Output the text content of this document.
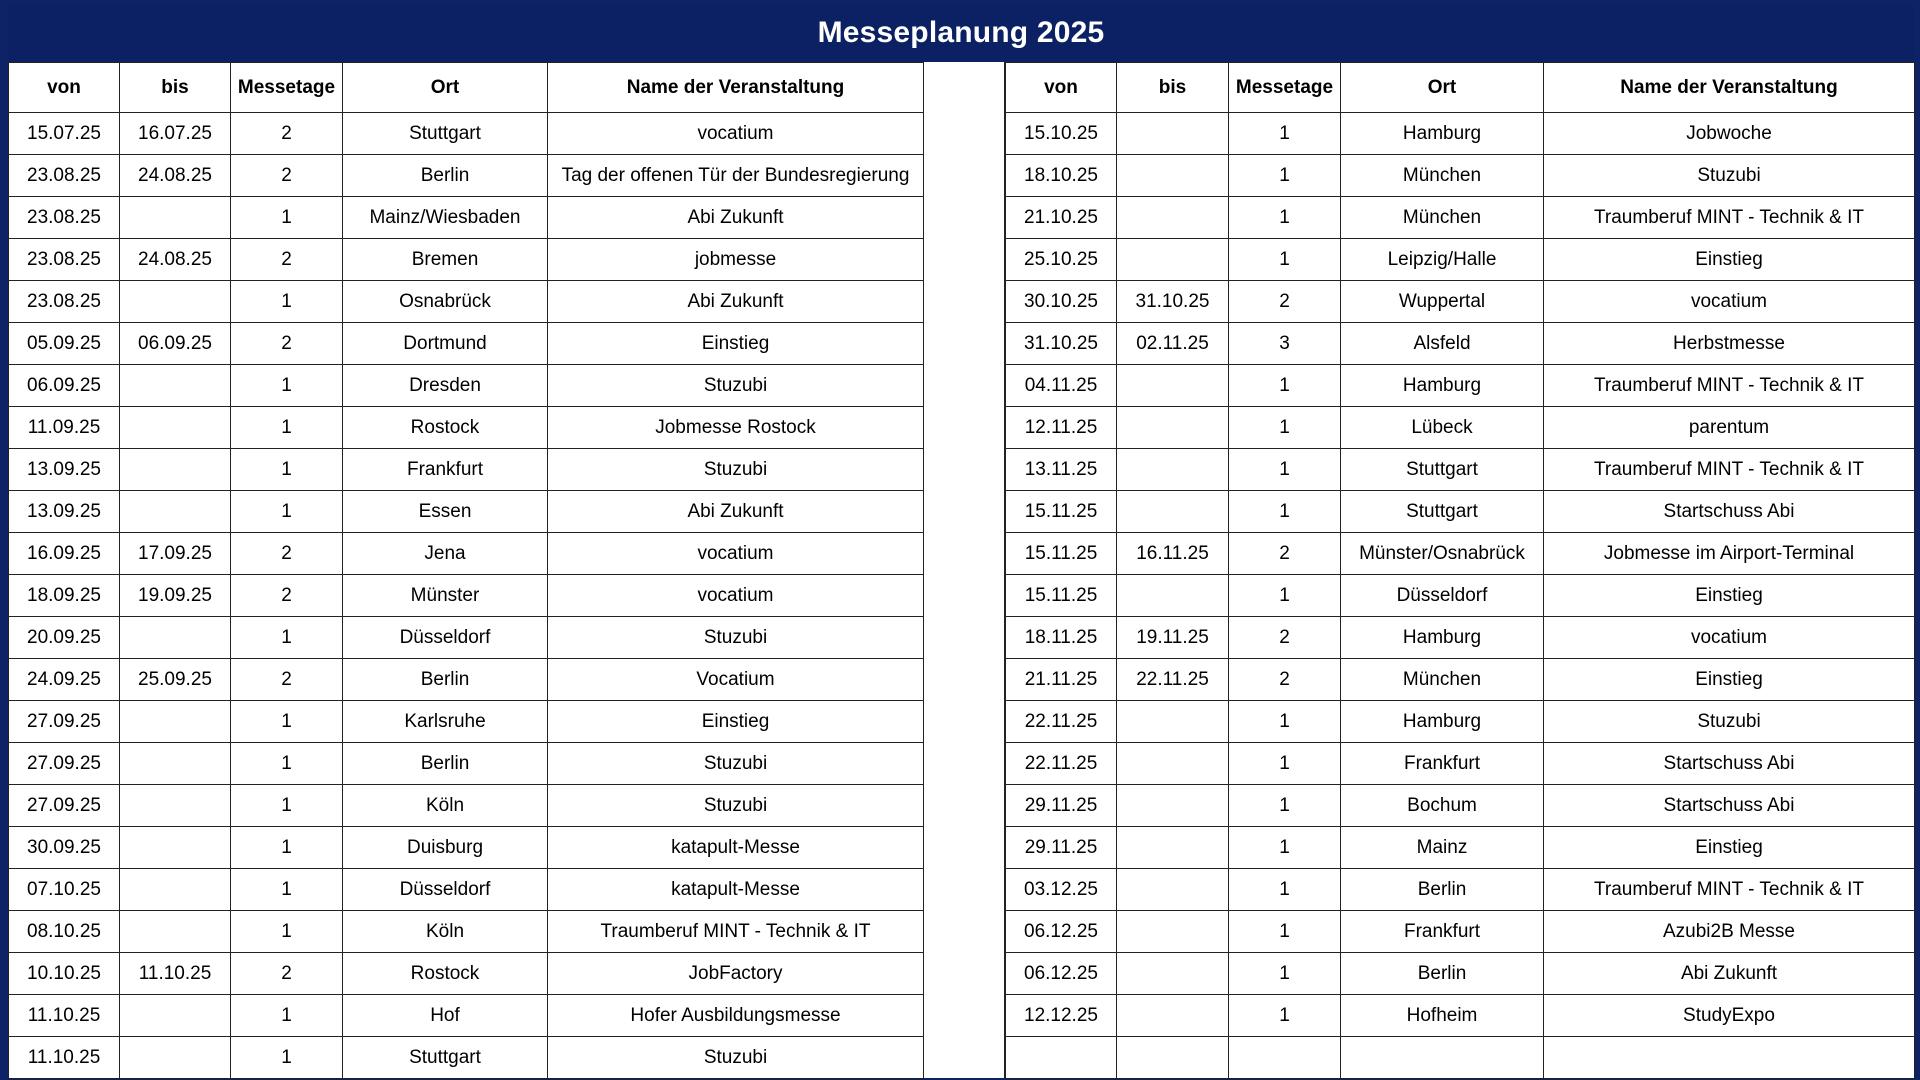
Messeplanung 2025
von	bis	Messetage	Ort	Name der Veranstaltung
15.07.25	16.07.25	2	Stuttgart	vocatium
23.08.25	24.08.25	2	Berlin	Tag der offenen Tür der Bundesregierung
23.08.25		1	Mainz/Wiesbaden	Abi Zukunft
23.08.25	24.08.25	2	Bremen	jobmesse
23.08.25		1	Osnabrück	Abi Zukunft
05.09.25	06.09.25	2	Dortmund	Einstieg
06.09.25		1	Dresden	Stuzubi
11.09.25		1	Rostock	Jobmesse Rostock
13.09.25		1	Frankfurt	Stuzubi
13.09.25		1	Essen	Abi Zukunft
16.09.25	17.09.25	2	Jena	vocatium
18.09.25	19.09.25	2	Münster	vocatium
20.09.25		1	Düsseldorf	Stuzubi
24.09.25	25.09.25	2	Berlin	Vocatium
27.09.25		1	Karlsruhe	Einstieg
27.09.25		1	Berlin	Stuzubi
27.09.25		1	Köln	Stuzubi
30.09.25		1	Duisburg	katapult-Messe
07.10.25		1	Düsseldorf	katapult-Messe
08.10.25		1	Köln	Traumberuf MINT - Technik & IT
10.10.25	11.10.25	2	Rostock	JobFactory
11.10.25		1	Hof	Hofer Ausbildungsmesse
11.10.25		1	Stuttgart	Stuzubi
von	bis	Messetage	Ort	Name der Veranstaltung
15.10.25		1	Hamburg	Jobwoche
18.10.25		1	München	Stuzubi
21.10.25		1	München	Traumberuf MINT - Technik & IT
25.10.25		1	Leipzig/Halle	Einstieg
30.10.25	31.10.25	2	Wuppertal	vocatium
31.10.25	02.11.25	3	Alsfeld	Herbstmesse
04.11.25		1	Hamburg	Traumberuf MINT - Technik & IT
12.11.25		1	Lübeck	parentum
13.11.25		1	Stuttgart	Traumberuf MINT - Technik & IT
15.11.25		1	Stuttgart	Startschuss Abi
15.11.25	16.11.25	2	Münster/Osnabrück	Jobmesse im Airport-Terminal
15.11.25		1	Düsseldorf	Einstieg
18.11.25	19.11.25	2	Hamburg	vocatium
21.11.25	22.11.25	2	München	Einstieg
22.11.25		1	Hamburg	Stuzubi
22.11.25		1	Frankfurt	Startschuss Abi
29.11.25		1	Bochum	Startschuss Abi
29.11.25		1	Mainz	Einstieg
03.12.25		1	Berlin	Traumberuf MINT - Technik & IT
06.12.25		1	Frankfurt	Azubi2B Messe
06.12.25		1	Berlin	Abi Zukunft
12.12.25		1	Hofheim	StudyExpo
